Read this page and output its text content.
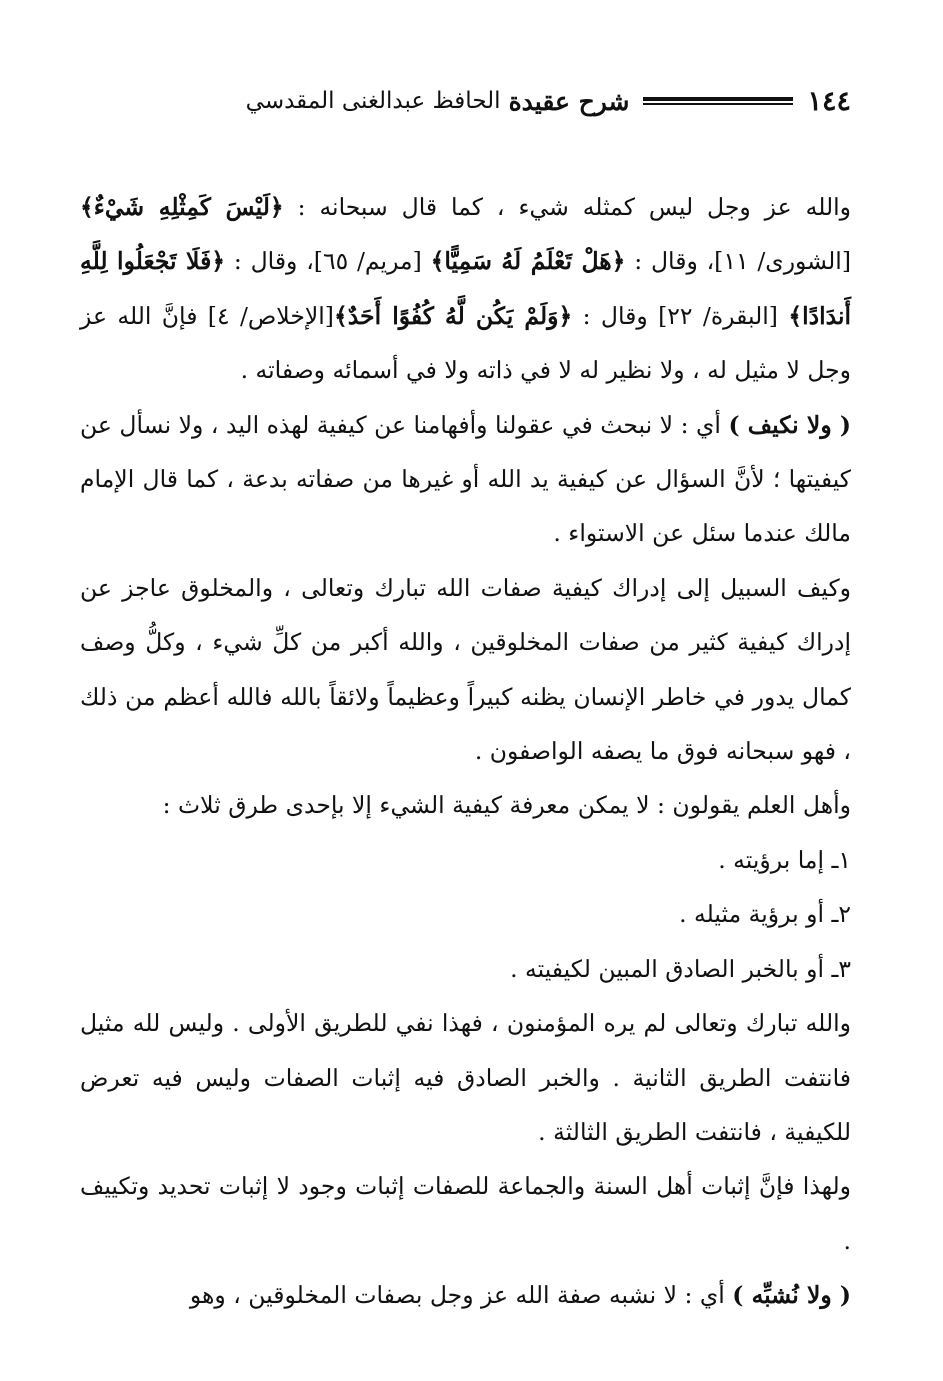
١٤٤
شرح عقيدة
الحافظ عبدالغنى المقدسي

والله عز وجل ليس كمثله شيء ، كما قال سبحانه : ﴿لَيْسَ كَمِثْلِهِ شَيْءٌ﴾ [الشورى/ ١١]، وقال : ﴿هَلْ تَعْلَمُ لَهُ سَمِيًّا﴾ [مريم/ ٦٥]، وقال : ﴿فَلَا تَجْعَلُوا لِلَّهِ أَندَادًا﴾ [البقرة/ ٢٢] وقال : ﴿وَلَمْ يَكُن لَّهُ كُفُوًا أَحَدٌ﴾[الإخلاص/ ٤] فإنَّ الله عز وجل لا مثيل له ، ولا نظير له لا في ذاته ولا في أسمائه وصفاته .

( ولا نكيف ) أي : لا نبحث في عقولنا وأفهامنا عن كيفية لهذه اليد ، ولا نسأل عن كيفيتها ؛ لأنَّ السؤال عن كيفية يد الله أو غيرها من صفاته بدعة ، كما قال الإمام مالك عندما سئل عن الاستواء .

وكيف السبيل إلى إدراك كيفية صفات الله تبارك وتعالى ، والمخلوق عاجز عن إدراك كيفية كثير من صفات المخلوقين ، والله أكبر من كلِّ شيء ، وكلُّ وصف كمال يدور في خاطر الإنسان يظنه كبيراً وعظيماً ولائقاً بالله فالله أعظم من ذلك ، فهو سبحانه فوق ما يصفه الواصفون .

وأهل العلم يقولون : لا يمكن معرفة كيفية الشيء إلا بإحدى طرق ثلاث :

١ـ إما برؤيته .

٢ـ أو برؤية مثيله .

٣ـ أو بالخبر الصادق المبين لكيفيته .

والله تبارك وتعالى لم يره المؤمنون ، فهذا نفي للطريق الأولى . وليس لله مثيل فانتفت الطريق الثانية . والخبر الصادق فيه إثبات الصفات وليس فيه تعرض للكيفية ، فانتفت الطريق الثالثة .

ولهذا فإنَّ إثبات أهل السنة والجماعة للصفات إثبات وجود لا إثبات تحديد وتكييف .

( ولا نُشبِّه ) أي : لا نشبه صفة الله عز وجل بصفات المخلوقين ، وهو
